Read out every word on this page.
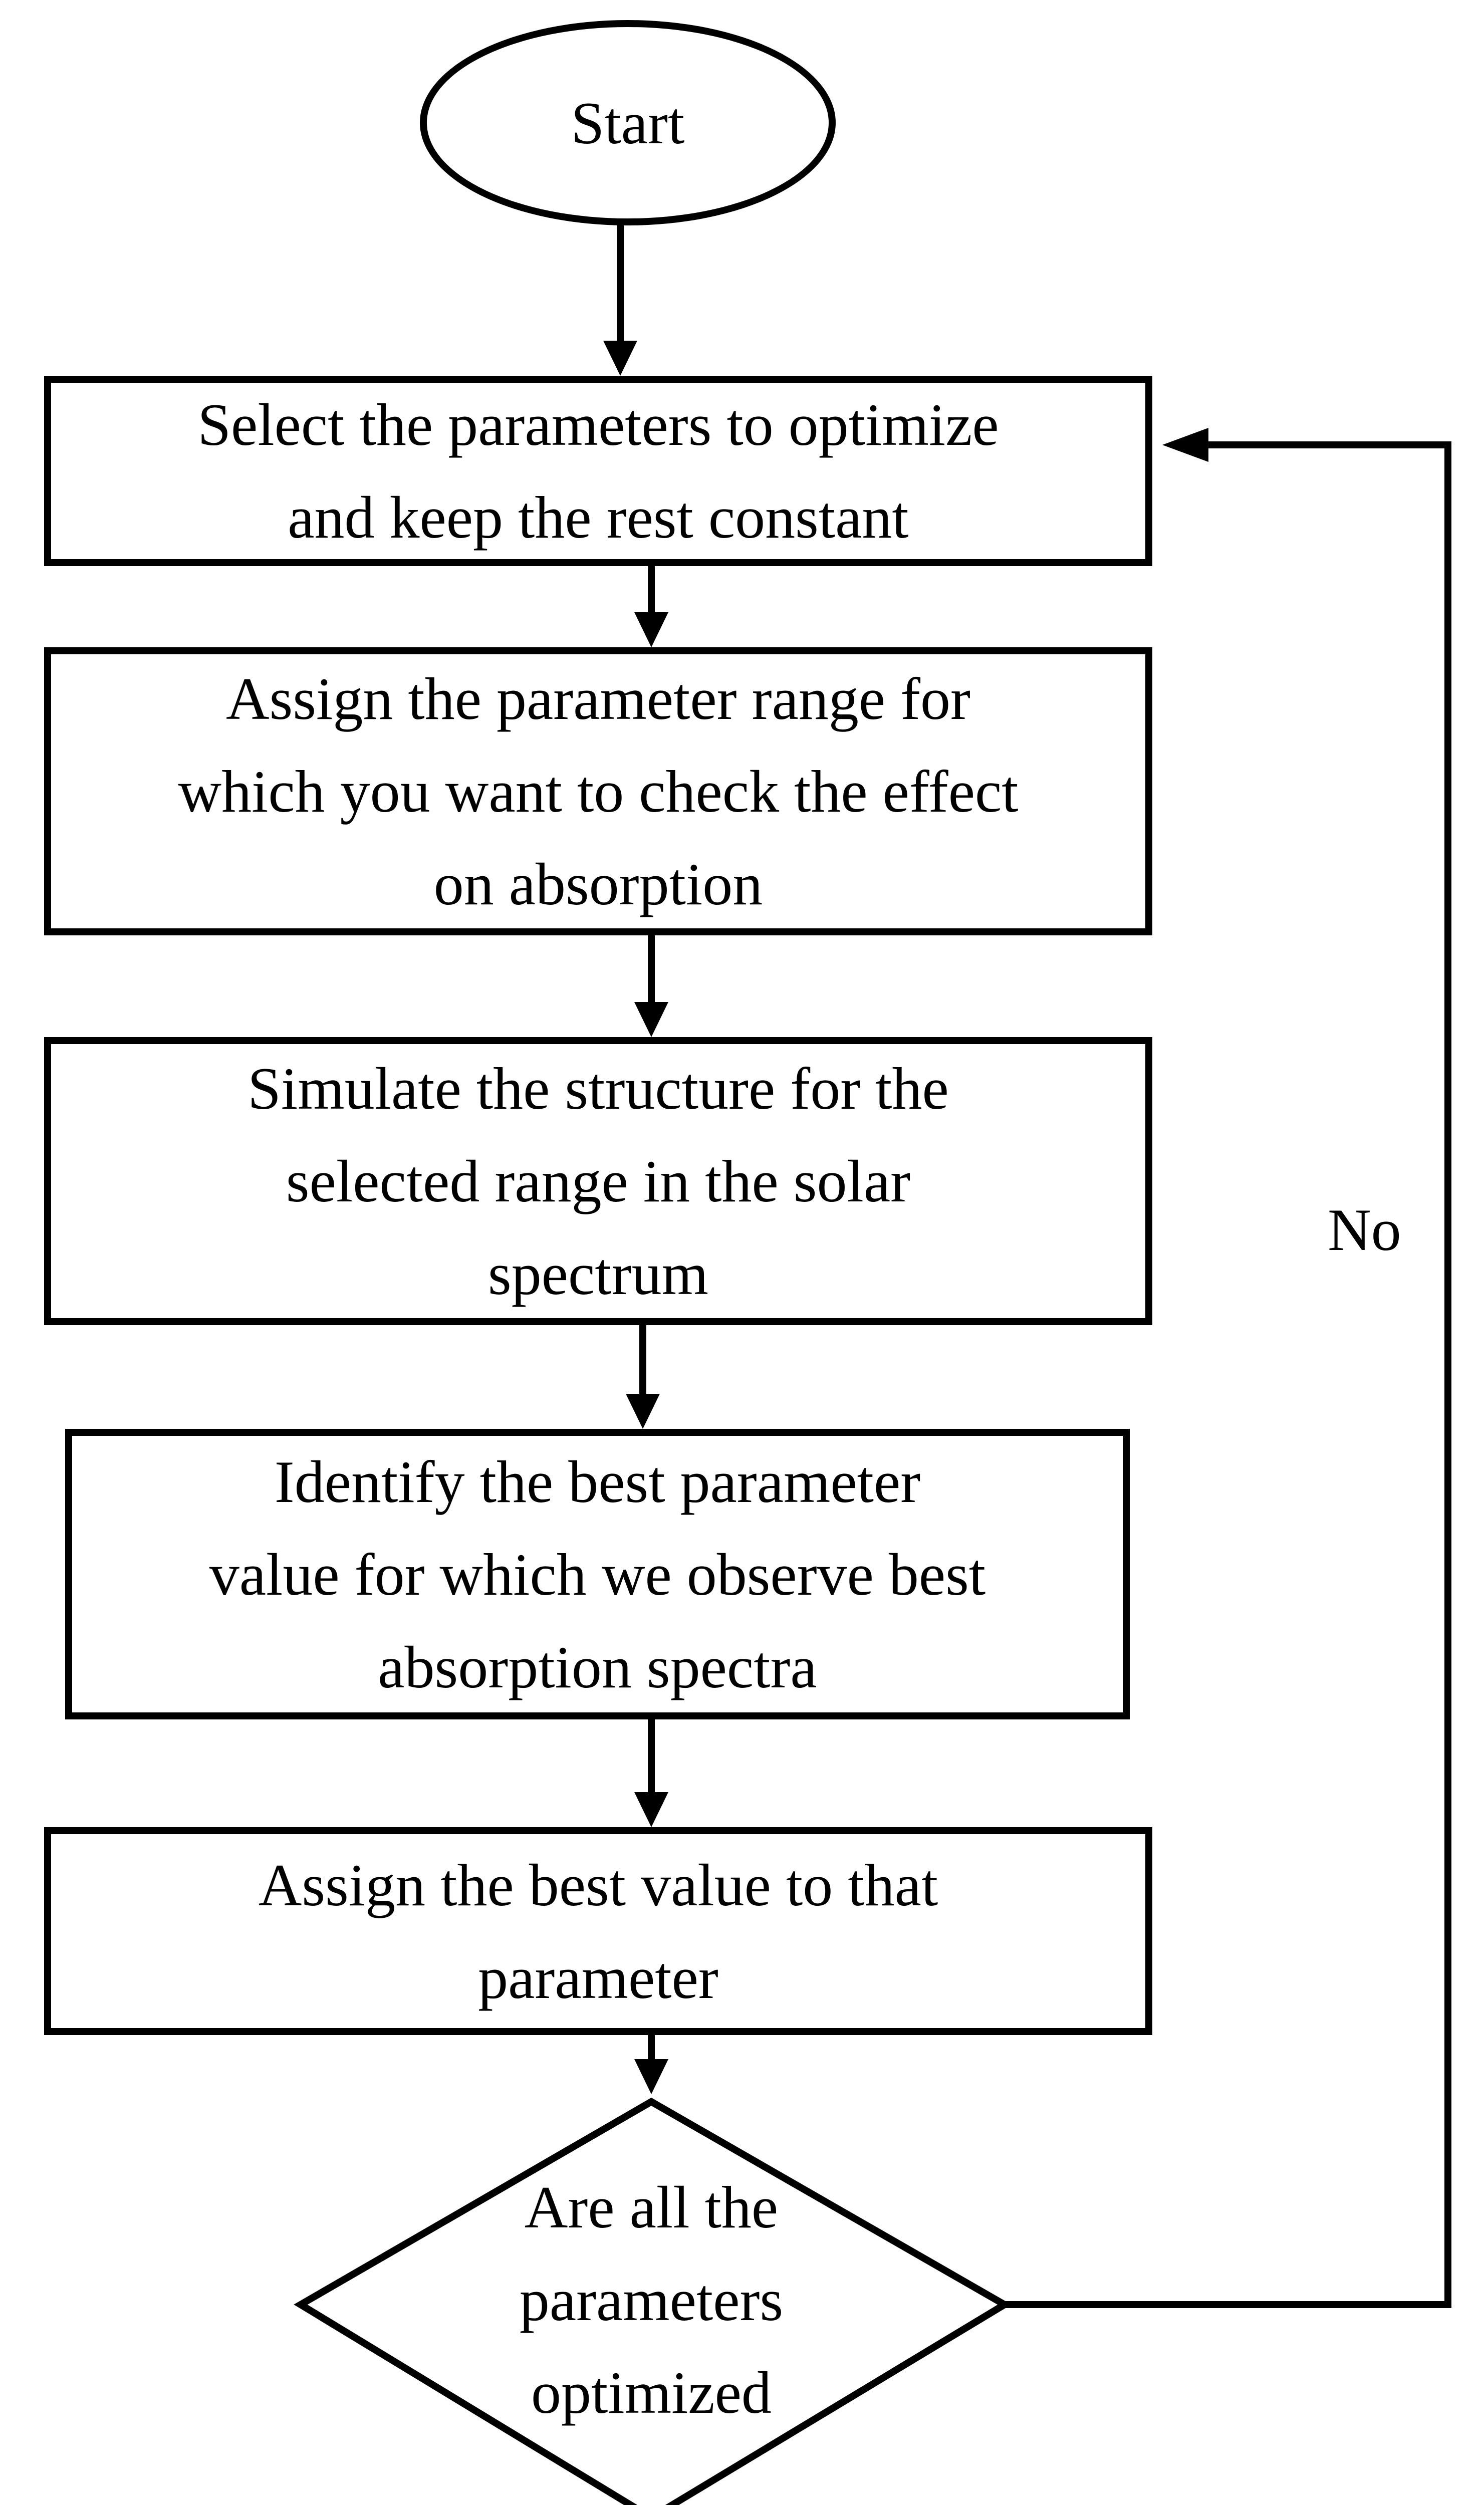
Start
Select the parameters to optimize
and keep the rest constant
Assign the parameter range for
which you want to check the effect
on absorption
Simulate the structure for the
selected range in the solar
spectrum
Identify the best parameter
value for which we observe best
absorption spectra
Assign the best value to that
parameter
Are all the
parameters
optimized
No
